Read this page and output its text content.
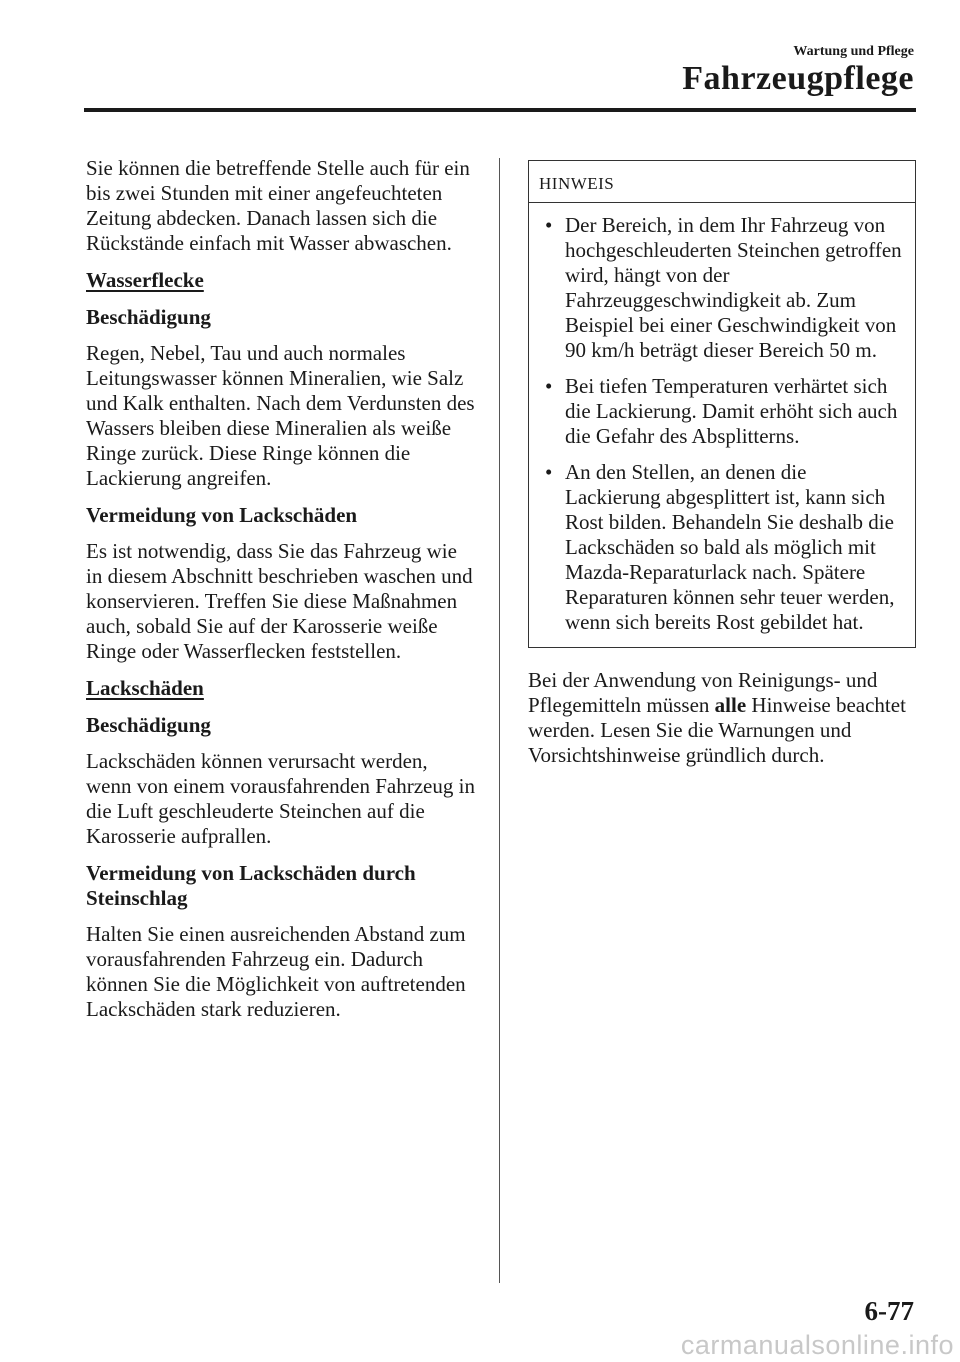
Wartung und Pflege
Fahrzeugpflege

Sie können die betreffende Stelle auch für ein bis zwei Stunden mit einer angefeuchteten Zeitung abdecken. Danach lassen sich die Rückstände einfach mit Wasser abwaschen.

Wasserflecke

Beschädigung

Regen, Nebel, Tau und auch normales Leitungswasser können Mineralien, wie Salz und Kalk enthalten. Nach dem Verdunsten des Wassers bleiben diese Mineralien als weiße Ringe zurück. Diese Ringe können die Lackierung angreifen.

Vermeidung von Lackschäden

Es ist notwendig, dass Sie das Fahrzeug wie in diesem Abschnitt beschrieben waschen und konservieren. Treffen Sie diese Maßnahmen auch, sobald Sie auf der Karosserie weiße Ringe oder Wasserflecken feststellen.

Lackschäden

Beschädigung

Lackschäden können verursacht werden, wenn von einem vorausfahrenden Fahrzeug in die Luft geschleuderte Steinchen auf die Karosserie aufprallen.

Vermeidung von Lackschäden durch Steinschlag

Halten Sie einen ausreichenden Abstand zum vorausfahrenden Fahrzeug ein. Dadurch können Sie die Möglichkeit von auftretenden Lackschäden stark reduzieren.

HINWEIS
• Der Bereich, in dem Ihr Fahrzeug von hochgeschleuderten Steinchen getroffen wird, hängt von der Fahrzeuggeschwindigkeit ab. Zum Beispiel bei einer Geschwindigkeit von 90 km/h beträgt dieser Bereich 50 m.
• Bei tiefen Temperaturen verhärtet sich die Lackierung. Damit erhöht sich auch die Gefahr des Absplitterns.
• An den Stellen, an denen die Lackierung abgesplittert ist, kann sich Rost bilden. Behandeln Sie deshalb die Lackschäden so bald als möglich mit Mazda-Reparaturlack nach. Spätere Reparaturen können sehr teuer werden, wenn sich bereits Rost gebildet hat.

Bei der Anwendung von Reinigungs- und Pflegemitteln müssen alle Hinweise beachtet werden. Lesen Sie die Warnungen und Vorsichtshinweise gründlich durch.

6-77
carmanualsonline.info
